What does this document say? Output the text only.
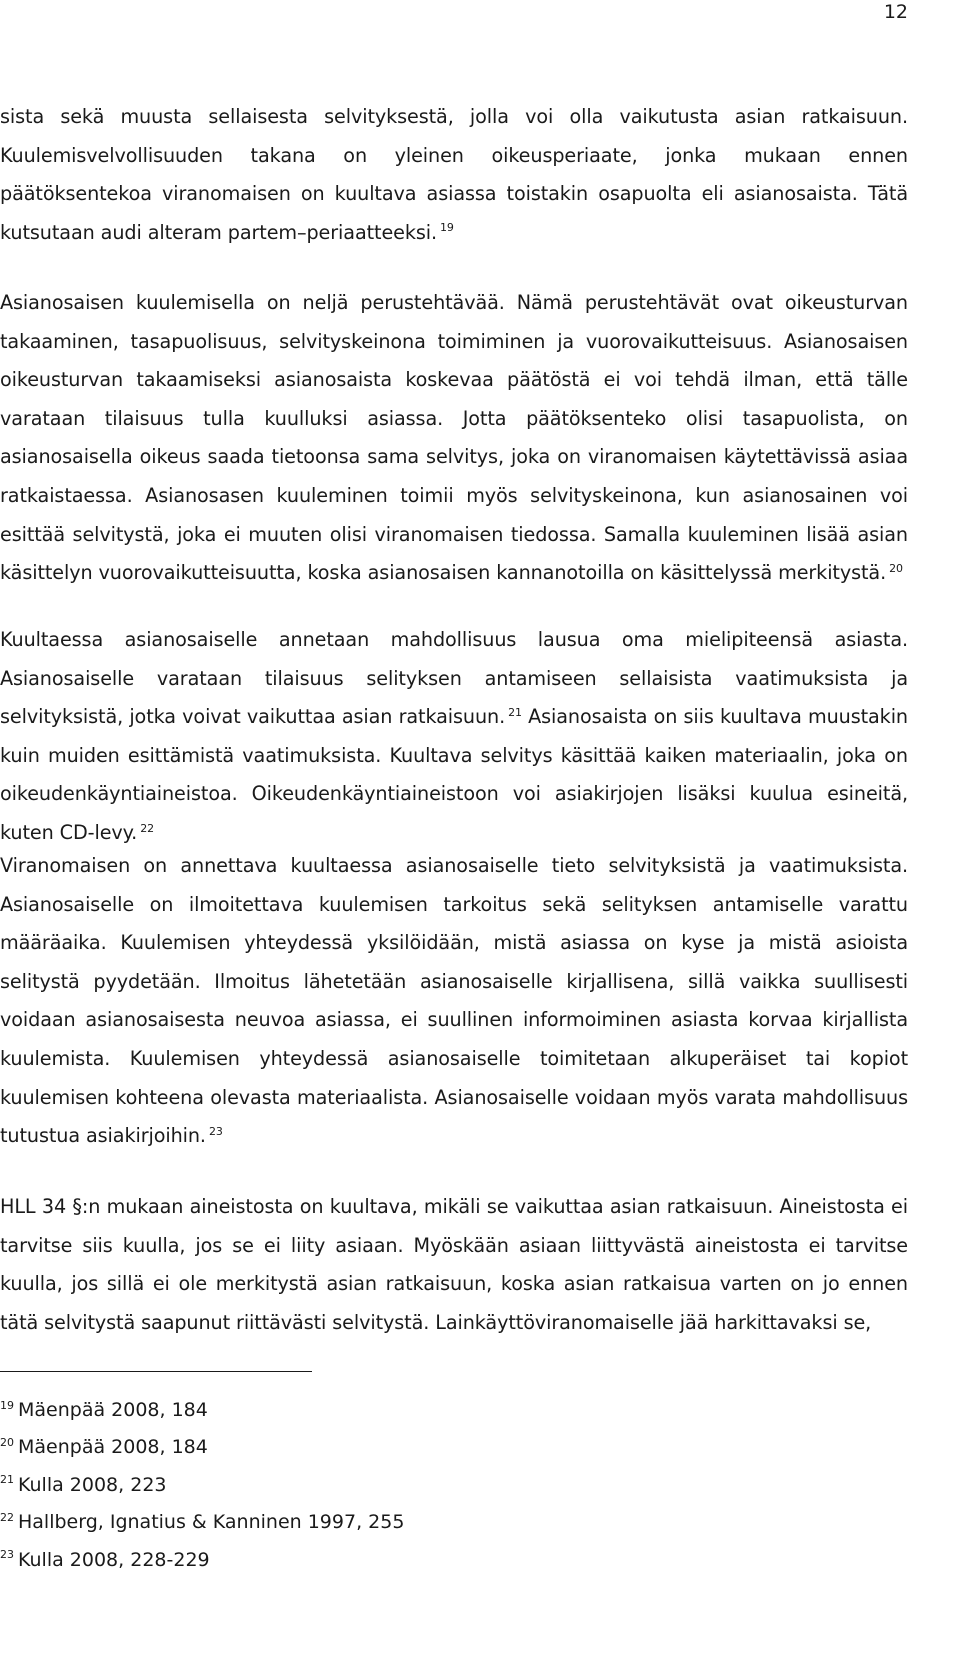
12

sista sekä muusta sellaisesta selvityksestä, jolla voi olla vaikutusta asian ratkaisuun. Kuulemisvelvollisuuden takana on yleinen oikeusperiaate, jonka mukaan ennen päätöksentekoa viranomaisen on kuultava asiassa toistakin osapuolta eli asianosaista. Tätä kutsutaan audi alteram partem–periaatteeksi. $^{19}$

Asianosaisen kuulemisella on neljä perustehtävää. Nämä perustehtävät ovat oikeusturvan takaaminen, tasapuolisuus, selvityskeinona toimiminen ja vuorovaikutteisuus. Asianosaisen oikeusturvan takaamiseksi asianosaista koskevaa päätöstä ei voi tehdä ilman, että tälle varataan tilaisuus tulla kuulluksi asiassa. Jotta päätöksenteko olisi tasapuolista, on asianosaisella oikeus saada tietoonsa sama selvitys, joka on viranomaisen käytettävissä asiaa ratkaistaessa. Asianosasen kuuleminen toimii myös selvityskeinona, kun asianosainen voi esittää selvitystä, joka ei muuten olisi viranomaisen tiedossa. Samalla kuuleminen lisää asian käsittelyn vuorovaikutteisuutta, koska asianosaisen kannanotoilla on käsittelyssä merkitystä. $^{20}$

Kuultaessa asianosaiselle annetaan mahdollisuus lausua oma mielipiteensä asiasta. Asianosaiselle varataan tilaisuus selityksen antamiseen sellaisista vaatimuksista ja selvityksistä, jotka voivat vaikuttaa asian ratkaisuun. $^{21}$ Asianosaista on siis kuultava muustakin kuin muiden esittämistä vaatimuksista. Kuultava selvitys käsittää kaiken materiaalin, joka on oikeudenkäyntiaineistoa. Oikeudenkäyntiaineistoon voi asiakirjojen lisäksi kuulua esineitä, kuten CD-levy. $^{22}$

Viranomaisen on annettava kuultaessa asianosaiselle tieto selvityksistä ja vaatimuksista. Asianosaiselle on ilmoitettava kuulemisen tarkoitus sekä selityksen antamiselle varattu määräaika. Kuulemisen yhteydessä yksilöidään, mistä asiassa on kyse ja mistä asioista selitystä pyydetään. Ilmoitus lähetetään asianosaiselle kirjallisena, sillä vaikka suullisesti voidaan asianosaisesta neuvoa asiassa, ei suullinen informoiminen asiasta korvaa kirjallista kuulemista. Kuulemisen yhteydessä asianosaiselle toimitetaan alkuperäiset tai kopiot kuulemisen kohteena olevasta materiaalista. Asianosaiselle voidaan myös varata mahdollisuus tutustua asiakirjoihin. $^{23}$

HLL 34 §:n mukaan aineistosta on kuultava, mikäli se vaikuttaa asian ratkaisuun. Aineistosta ei tarvitse siis kuulla, jos se ei liity asiaan. Myöskään asiaan liittyvästä aineistosta ei tarvitse kuulla, jos sillä ei ole merkitystä asian ratkaisuun, koska asian ratkaisua varten on jo ennen tätä selvitystä saapunut riittävästi selvitystä. Lainkäyttöviranomaiselle jää harkittavaksi se,

$^{19}$ Mäenpää 2008, 184
$^{20}$ Mäenpää 2008, 184
$^{21}$ Kulla 2008, 223
$^{22}$ Hallberg, Ignatius & Kanninen 1997, 255
$^{23}$ Kulla 2008, 228-229
